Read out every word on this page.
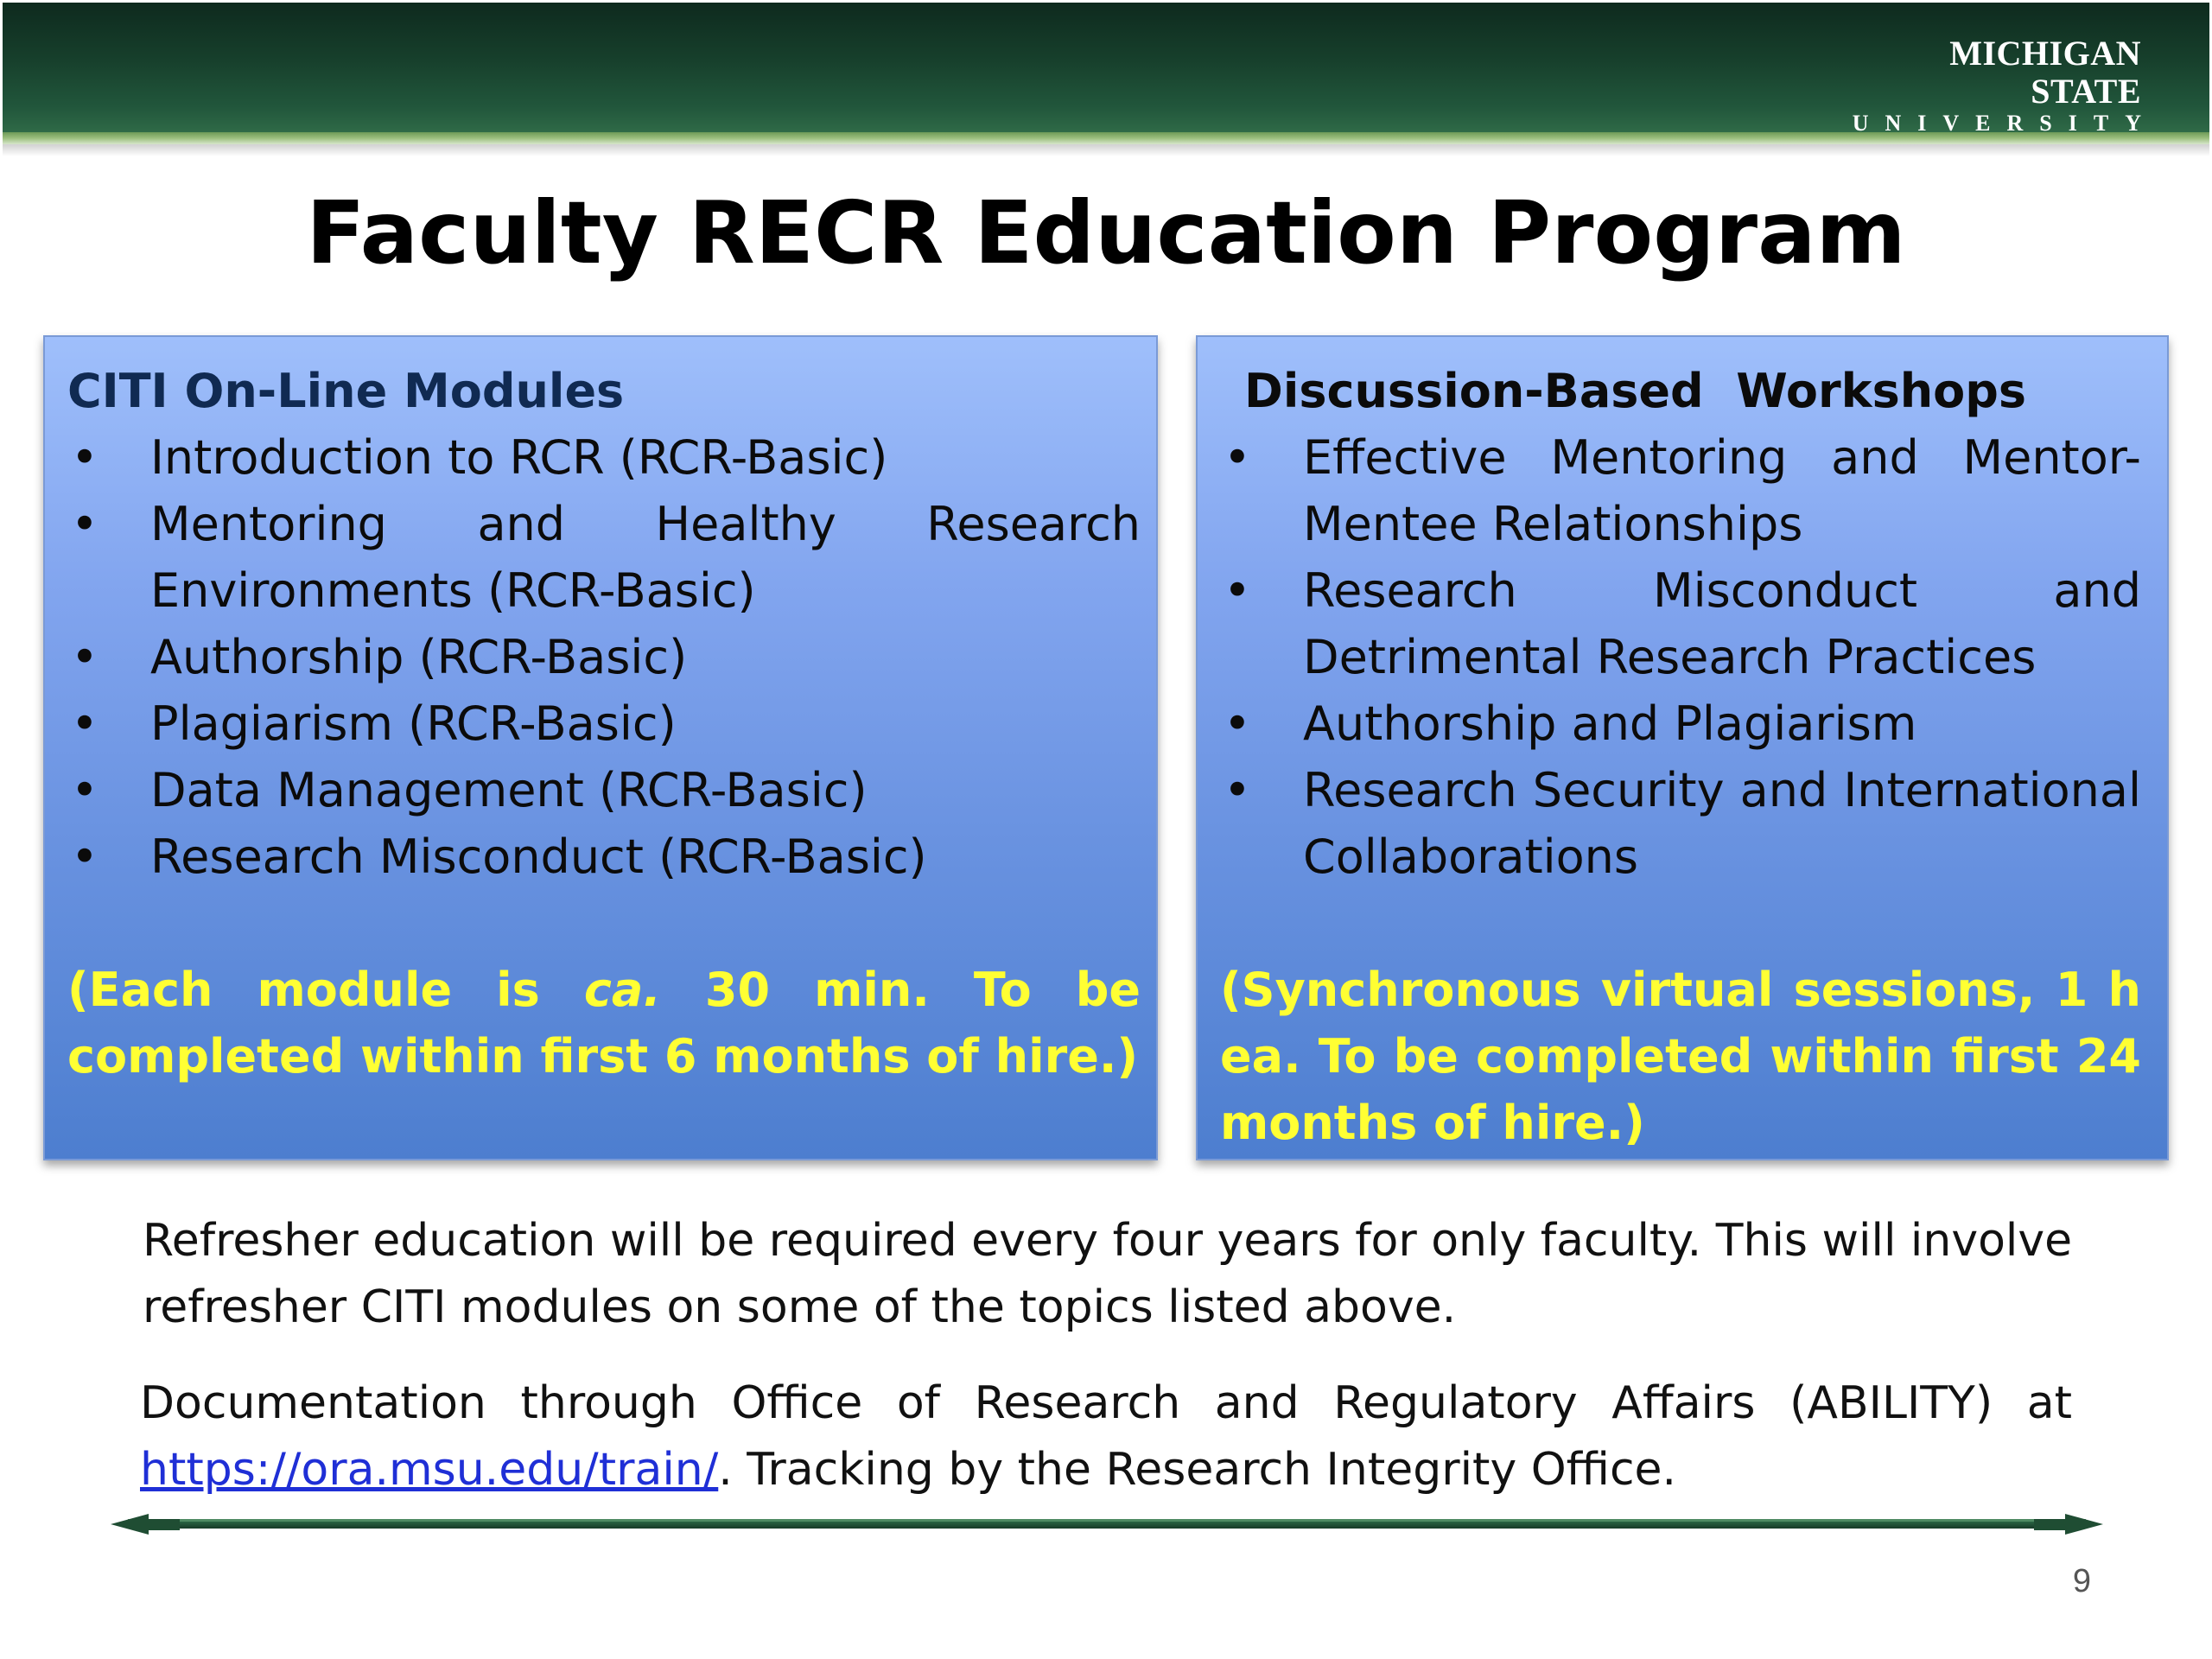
MICHIGAN STATE
UNIVERSITY
Faculty RECR Education Program
CITI On-Line Modules
• Introduction to RCR (RCR-Basic)
• Mentoring and Healthy Research Environments (RCR-Basic)
• Authorship (RCR-Basic)
• Plagiarism (RCR-Basic)
• Data Management (RCR-Basic)
• Research Misconduct (RCR-Basic)
(Each module is ca. 30 min. To be completed within first 6 months of hire.)
Discussion-Based  Workshops
• Effective Mentoring and Mentor-Mentee Relationships
• Research Misconduct and Detrimental Research Practices
• Authorship and Plagiarism
• Research Security and International Collaborations
(Synchronous virtual sessions, 1 h ea. To be completed within first 24 months of hire.)

Refresher education will be required every four years for only faculty. This will involve refresher CITI modules on some of the topics listed above.

Documentation through Office of Research and Regulatory Affairs (ABILITY) at https://ora.msu.edu/train/. Tracking by the Research Integrity Office.

9
